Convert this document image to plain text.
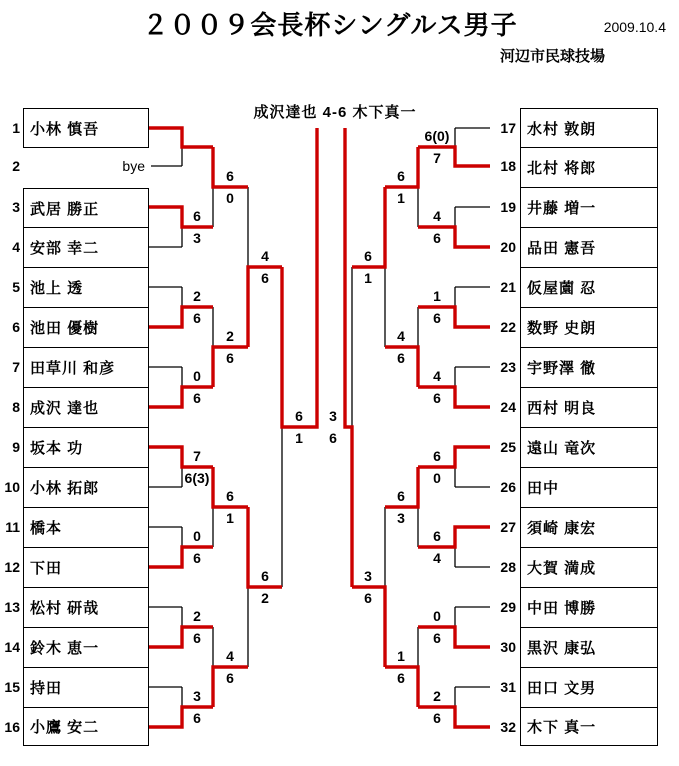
２００９会長杯シングルス男子	2009.10.4
河辺市民球技場
成沢達也 4-6 木下真一
1
2
3
4
5
6
7
8
9
10
11
12
13
14
15
16
小林 慎吾
武居 勝正
安部 幸二
池上 透
池田 優樹
田草川 和彦
成沢 達也
坂本 功
小林 拓郎
橋本
下田
松村 研哉
鈴木 恵一
持田
小鷹 安二
bye
6
3
2
6
0
6
7
6(3)
0
6
2
6
3
6
6
0
2
6
6
1
4
6
4
6
6
2
6
1
17
18
19
20
21
22
23
24
25
26
27
28
29
30
31
32
水村 敦朗
北村 将郎
井藤 増一
品田 憲吾
仮屋薗 忍
数野 史朗
宇野澤 徹
西村 明良
遠山 竜次
田中
須崎 康宏
大賀 満成
中田 博勝
黒沢 康弘
田口 文男
木下 真一
6(0)
7
4
6
1
6
4
6
6
0
6
4
0
6
2
6
6
1
4
6
6
3
1
6
6
1
3
6
3
6
